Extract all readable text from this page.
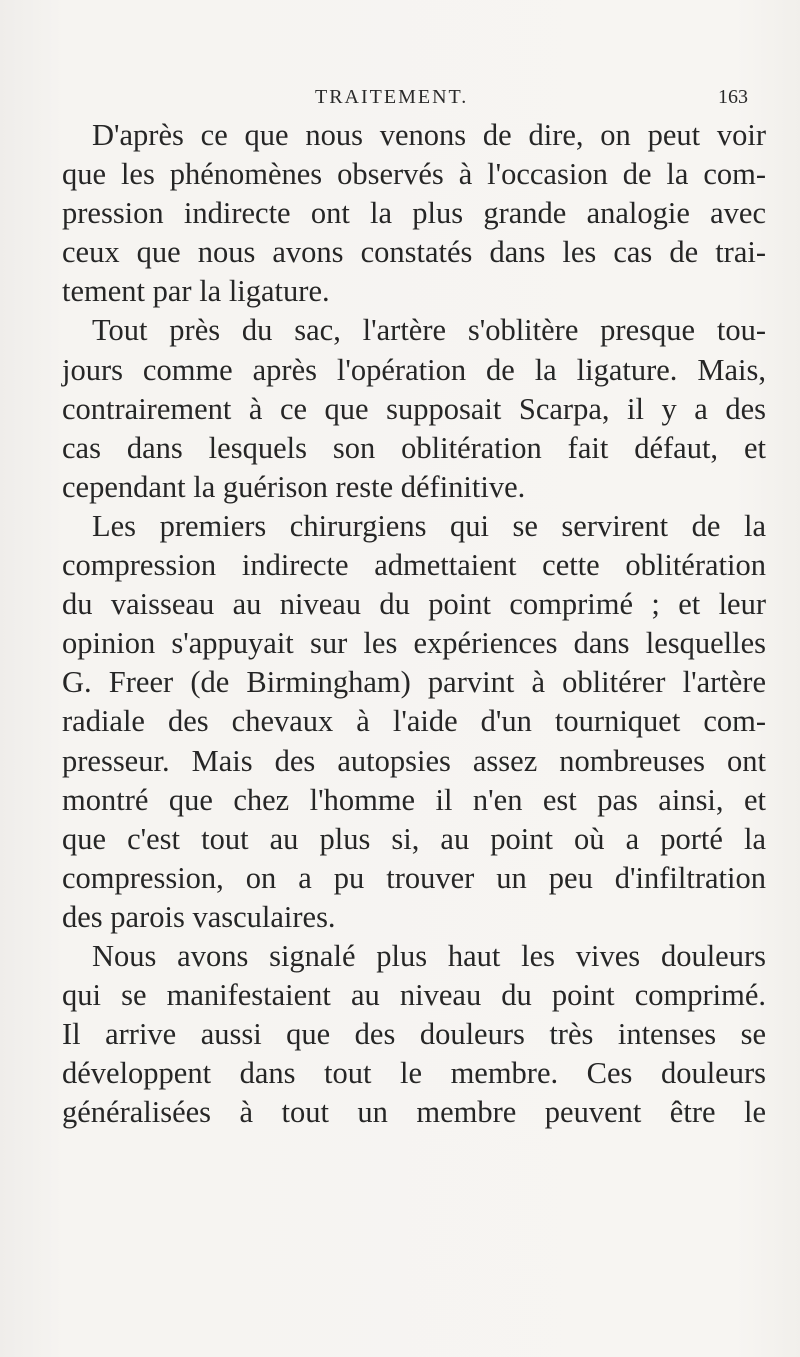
TRAITEMENT.	163

D'après ce que nous venons de dire, on peut voir
que les phénomènes observés à l'occasion de la com-
pression indirecte ont la plus grande analogie avec
ceux que nous avons constatés dans les cas de trai-
tement par la ligature.

Tout près du sac, l'artère s'oblitère presque tou-
jours comme après l'opération de la ligature. Mais,
contrairement à ce que supposait Scarpa, il y a des
cas dans lesquels son oblitération fait défaut, et
cependant la guérison reste définitive.

Les premiers chirurgiens qui se servirent de la
compression indirecte admettaient cette oblitération
du vaisseau au niveau du point comprimé ; et leur
opinion s'appuyait sur les expériences dans lesquelles
G. Freer (de Birmingham) parvint à oblitérer l'artère
radiale des chevaux à l'aide d'un tourniquet com-
presseur. Mais des autopsies assez nombreuses ont
montré que chez l'homme il n'en est pas ainsi, et
que c'est tout au plus si, au point où a porté la
compression, on a pu trouver un peu d'infiltration
des parois vasculaires.

Nous avons signalé plus haut les vives douleurs
qui se manifestaient au niveau du point comprimé.
Il arrive aussi que des douleurs très intenses se
développent dans tout le membre. Ces douleurs
généralisées à tout un membre peuvent être le
